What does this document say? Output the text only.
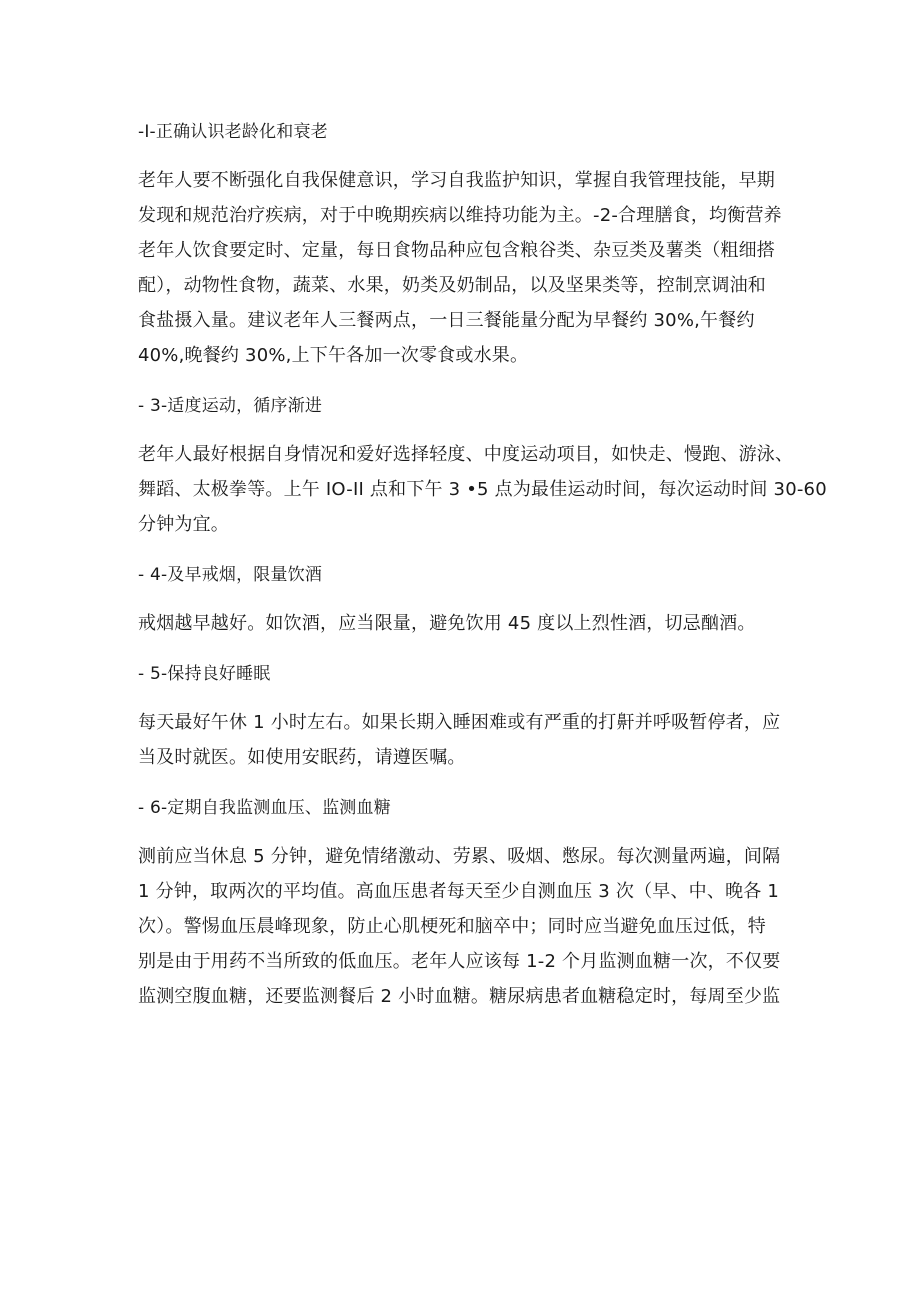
-I-正确认识老龄化和衰老
老年人要不断强化自我保健意识，学习自我监护知识，掌握自我管理技能，早期
发现和规范治疗疾病，对于中晚期疾病以维持功能为主。-2-合理膳食，均衡营养
老年人饮食要定时、定量，每日食物品种应包含粮谷类、杂豆类及薯类（粗细搭
配），动物性食物，蔬菜、水果，奶类及奶制品，以及坚果类等，控制烹调油和
食盐摄入量。建议老年人三餐两点，一日三餐能量分配为早餐约 30%,午餐约
40%,晚餐约 30%,上下午各加一次零食或水果。
- 3-适度运动，循序渐进
老年人最好根据自身情况和爱好选择轻度、中度运动项目，如快走、慢跑、游泳、
舞蹈、太极拳等。上午 IO-II 点和下午 3 •5 点为最佳运动时间，每次运动时间 30-60
分钟为宜。
- 4-及早戒烟，限量饮酒
戒烟越早越好。如饮酒，应当限量，避免饮用 45 度以上烈性酒，切忌酗酒。
- 5-保持良好睡眠
每天最好午休 1 小时左右。如果长期入睡困难或有严重的打鼾并呼吸暂停者，应
当及时就医。如使用安眠药，请遵医嘱。
- 6-定期自我监测血压、监测血糖
测前应当休息 5 分钟，避免情绪激动、劳累、吸烟、憋尿。每次测量两遍，间隔
1 分钟，取两次的平均值。高血压患者每天至少自测血压 3 次（早、中、晚各 1
次）。警惕血压晨峰现象，防止心肌梗死和脑卒中；同时应当避免血压过低，特
别是由于用药不当所致的低血压。老年人应该每 1-2 个月监测血糖一次，不仅要
监测空腹血糖，还要监测餐后 2 小时血糖。糖尿病患者血糖稳定时，每周至少监
